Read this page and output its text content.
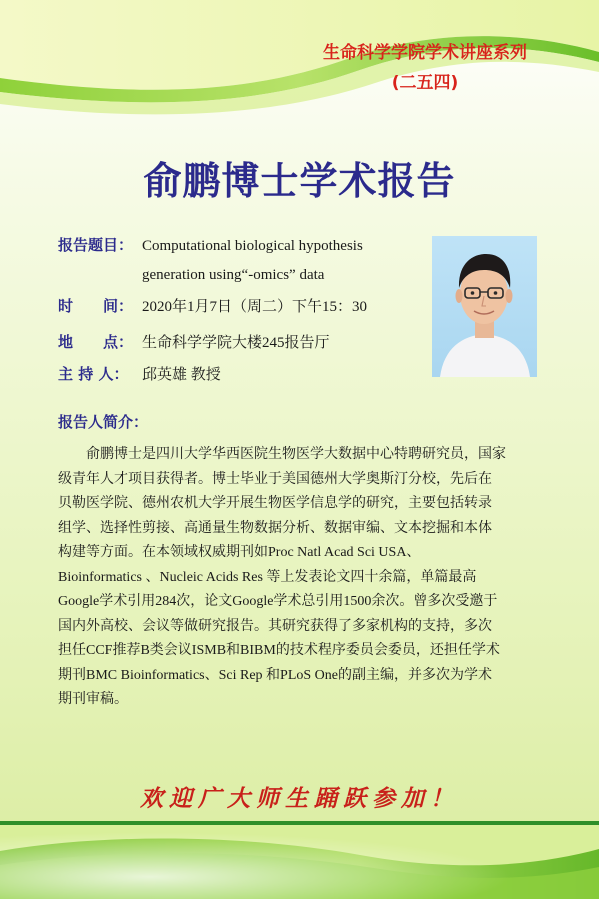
生命科学学院学术讲座系列
(二五四)
俞鹏博士学术报告
报告题目： Computational biological hypothesis
generation using“-omics” data
时　　间： 2020年1月7日（周二）下午15：30
地　　点： 生命科学学院大楼245报告厅
主 持 人： 邱英雄 教授
报告人简介：
　　俞鹏博士是四川大学华西医院生物医学大数据中心特聘研究员，国家
级青年人才项目获得者。博士毕业于美国德州大学奥斯汀分校，先后在
贝勒医学院、德州农机大学开展生物医学信息学的研究，主要包括转录
组学、选择性剪接、高通量生物数据分析、数据审编、文本挖掘和本体
构建等方面。在本领域权威期刊如Proc Natl Acad Sci USA、
Bioinformatics 、Nucleic Acids Res 等上发表论文四十余篇，单篇最高
Google学术引用284次，论文Google学术总引用1500余次。曾多次受邀于
国内外高校、会议等做研究报告。其研究获得了多家机构的支持，多次
担任CCF推荐B类会议ISMB和BIBM的技术程序委员会委员，还担任学术
期刊BMC Bioinformatics、Sci Rep 和PLoS One的副主编，并多次为学术
期刊审稿。
欢迎广大师生踊跃参加！
